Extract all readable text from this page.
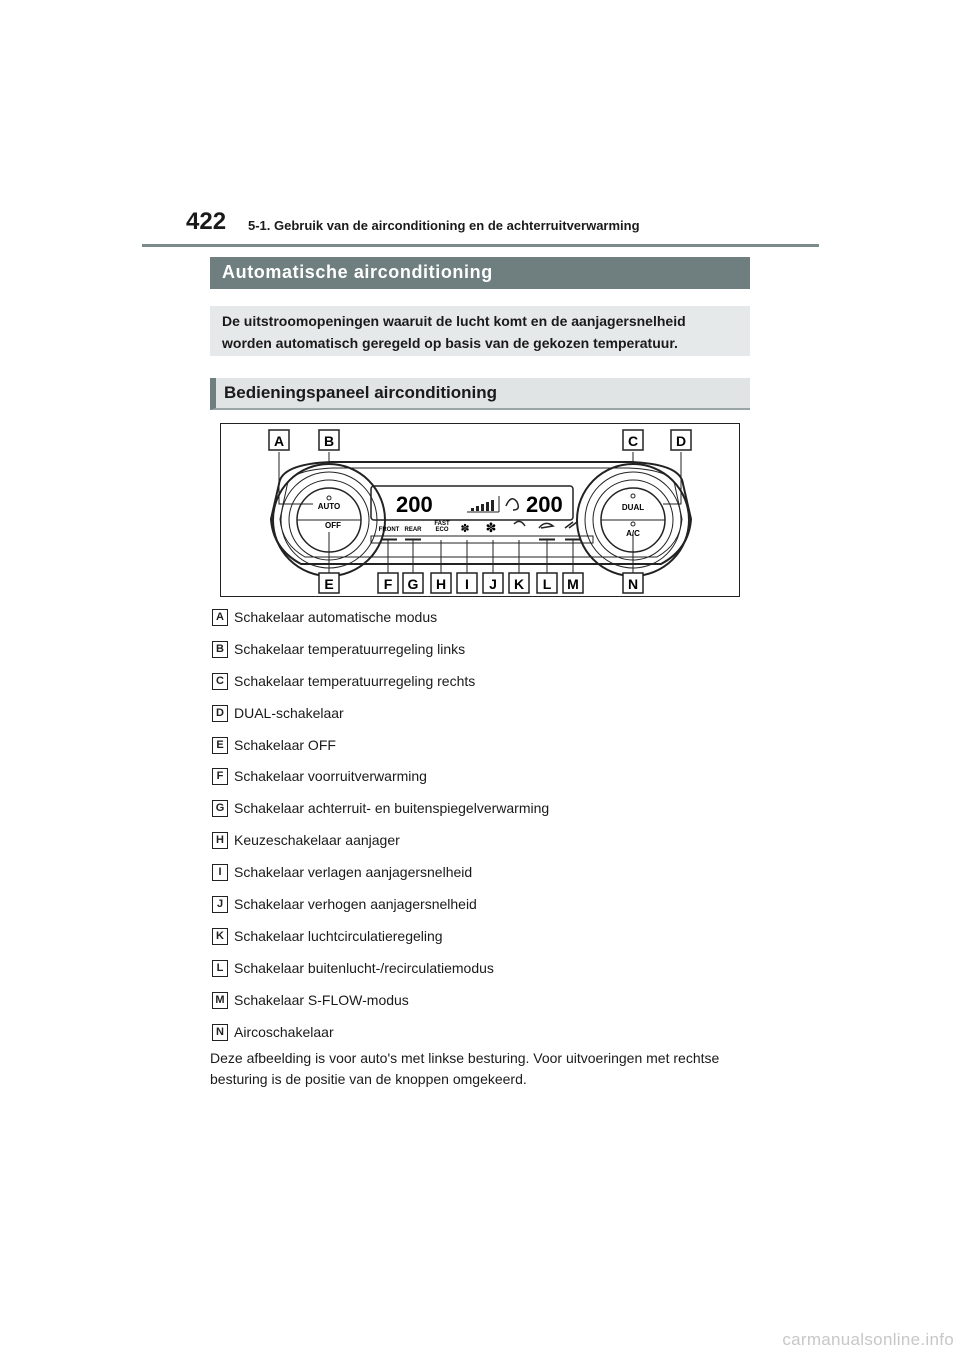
422 5-1. Gebruik van de airconditioning en de achterruitverwarming
Automatische airconditioning
De uitstroomopeningen waaruit de lucht komt en de aanjagersnelheid worden automatisch geregeld op basis van de gekozen temperatuur.
Bedieningspaneel airconditioning
200	200
AUTO
OFF
DUAL
A/C
FRONT REAR
FAST
ECO ✽ ✽
A	B	C	D
E	F G H I J K L M	N
A Schakelaar automatische modus
B Schakelaar temperatuurregeling links
C Schakelaar temperatuurregeling rechts
D DUAL-schakelaar
E Schakelaar OFF
F Schakelaar voorruitverwarming
G Schakelaar achterruit- en buitenspiegelverwarming
H Keuzeschakelaar aanjager
I Schakelaar verlagen aanjagersnelheid
J Schakelaar verhogen aanjagersnelheid
K Schakelaar luchtcirculatieregeling
L Schakelaar buitenlucht-/recirculatiemodus
M Schakelaar S-FLOW-modus
N Aircoschakelaar
Deze afbeelding is voor auto's met linkse besturing. Voor uitvoeringen met rechtse besturing is de positie van de knoppen omgekeerd.
carmanualsonline.info
